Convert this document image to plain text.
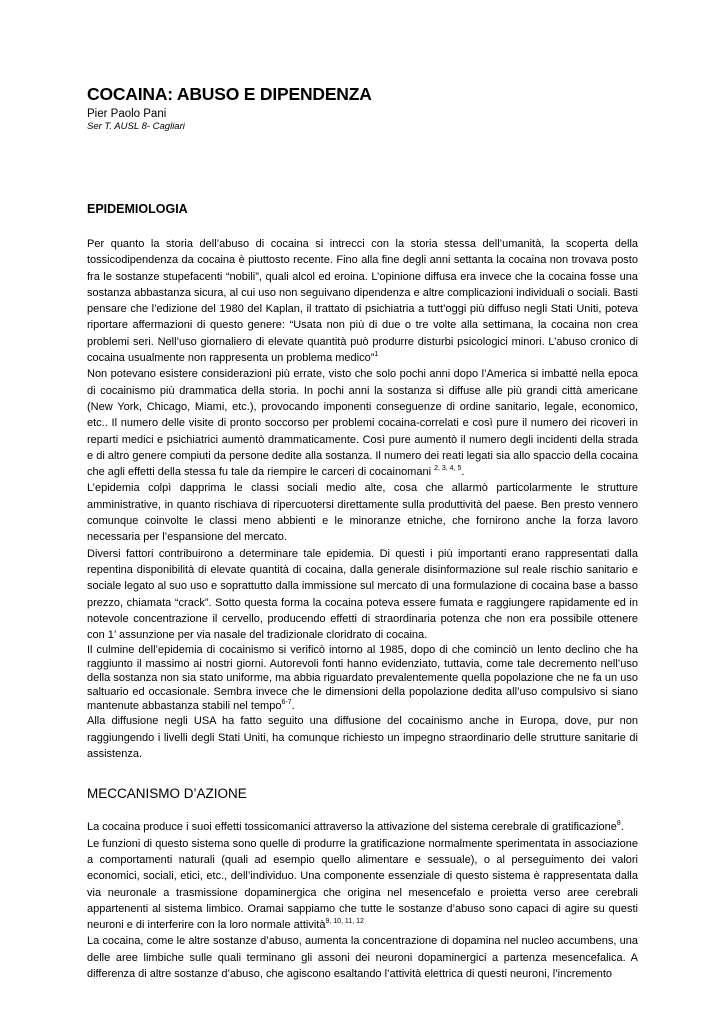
COCAINA: ABUSO E DIPENDENZA
Pier Paolo Pani
Ser T. AUSL 8- Cagliari
EPIDEMIOLOGIA

Per quanto la storia dell’abuso di cocaina si intrecci con la storia stessa dell’umanità, la scoperta della tossicodipendenza da cocaina è piuttosto recente. Fino alla fine degli anni settanta la cocaina non trovava posto fra le sostanze stupefacenti “nobili”, quali alcol ed eroina. L’opinione diffusa era invece che la cocaina fosse una sostanza abbastanza sicura, al cui uso non seguivano dipendenza e altre complicazioni individuali o sociali. Basti pensare che l’edizione del 1980 del Kaplan, il trattato di psichiatria a tutt’oggi più diffuso negli Stati Uniti, poteva riportare affermazioni di questo genere: “Usata non più di due o tre volte alla settimana, la cocaina non crea problemi seri. Nell’uso giornaliero di elevate quantità può produrre disturbi psicologici minori. L’abuso cronico di cocaina usualmente non rappresenta un problema medico”$^1$

Non potevano esistere considerazioni più errate, visto che solo pochi anni dopo l’America si imbatté nella epoca di cocainismo più drammatica della storia. In pochi anni la sostanza si diffuse alle più grandi città americane (New York, Chicago, Miami, etc.), provocando imponenti conseguenze di ordine sanitario, legale, economico, etc.. Il numero delle visite di pronto soccorso per problemi cocaina-correlati e così pure il numero dei ricoveri in reparti medici e psichiatrici aumentò drammaticamente. Così pure aumentò il numero degli incidenti della strada e di altro genere compiuti da persone dedite alla sostanza. Il numero dei reati legati sia allo spaccio della cocaina che agli effetti della stessa fu tale da riempire le carceri di cocainomani $^{2, 3, 4, 5}$.

L’epidemia colpì dapprima le classi sociali medio alte, cosa che allarmò particolarmente le strutture amministrative, in quanto rischiava di ripercuotersi direttamente sulla produttività del paese. Ben presto vennero comunque coinvolte le classi meno abbienti e le minoranze etniche, che fornirono anche la forza lavoro necessaria per l’espansione del mercato.

Diversi fattori contribuirono a determinare tale epidemia. Di questi i più importanti erano rappresentati dalla repentina disponibilità di elevate quantità di cocaina, dalla generale disinformazione sul reale rischio sanitario e sociale legato al suo uso e soprattutto dalla immissione sul mercato di una formulazione di cocaina base a basso prezzo, chiamata “crack”. Sotto questa forma la cocaina poteva essere fumata e raggiungere rapidamente ed in notevole concentrazione il cervello, producendo effetti di straordinaria potenza che non era possibile ottenere con 1’ assunzione per via nasale del tradizionale cloridrato di cocaina.

Il culmine dell’epidemia di cocainismo si verificò intorno al 1985, dopo di che cominciò un lento declino che ha raggiunto il massimo ai nostri giorni. Autorevoli fonti hanno evidenziato, tuttavia, come tale decremento nell’uso della sostanza non sia stato uniforme, ma abbia riguardato prevalentemente quella popolazione che ne fa un uso saltuario ed occasionale. Sembra invece che le dimensioni della popolazione dedita all’uso compulsivo si siano mantenute abbastanza stabili nel tempo$^{6-7}$.

Alla diffusione negli USA ha fatto seguito una diffusione del cocainismo anche in Europa, dove, pur non raggiungendo i livelli degli Stati Uniti, ha comunque richiesto un impegno straordinario delle strutture sanitarie di assistenza.

MECCANISMO D’AZIONE

La cocaina produce i suoi effetti tossicomanici attraverso la attivazione del sistema cerebrale di gratificazione$^8$.

Le funzioni di questo sistema sono quelle di produrre la gratificazione normalmente sperimentata in associazione a comportamenti naturali (quali ad esempio quello alimentare e sessuale), o al perseguimento dei valori economici, sociali, etici, etc., dell’individuo. Una componente essenziale di questo sistema è rappresentata dalla via neuronale a trasmissione dopaminergica che origina nel mesencefalo e proietta verso aree cerebrali appartenenti al sistema limbico. Oramai sappiamo che tutte le sostanze d’abuso sono capaci di agire su questi neuroni e di interferire con la loro normale attività$^{9, 10, 11, 12}$

La cocaina, come le altre sostanze d’abuso, aumenta la concentrazione di dopamina nel nucleo accumbens, una delle aree limbiche sulle quali terminano gli assoni dei neuroni dopaminergici a partenza mesencefalica. A differenza di altre sostanze d’abuso, che agiscono esaltando l’attività elettrica di questi neuroni, l’incremento
